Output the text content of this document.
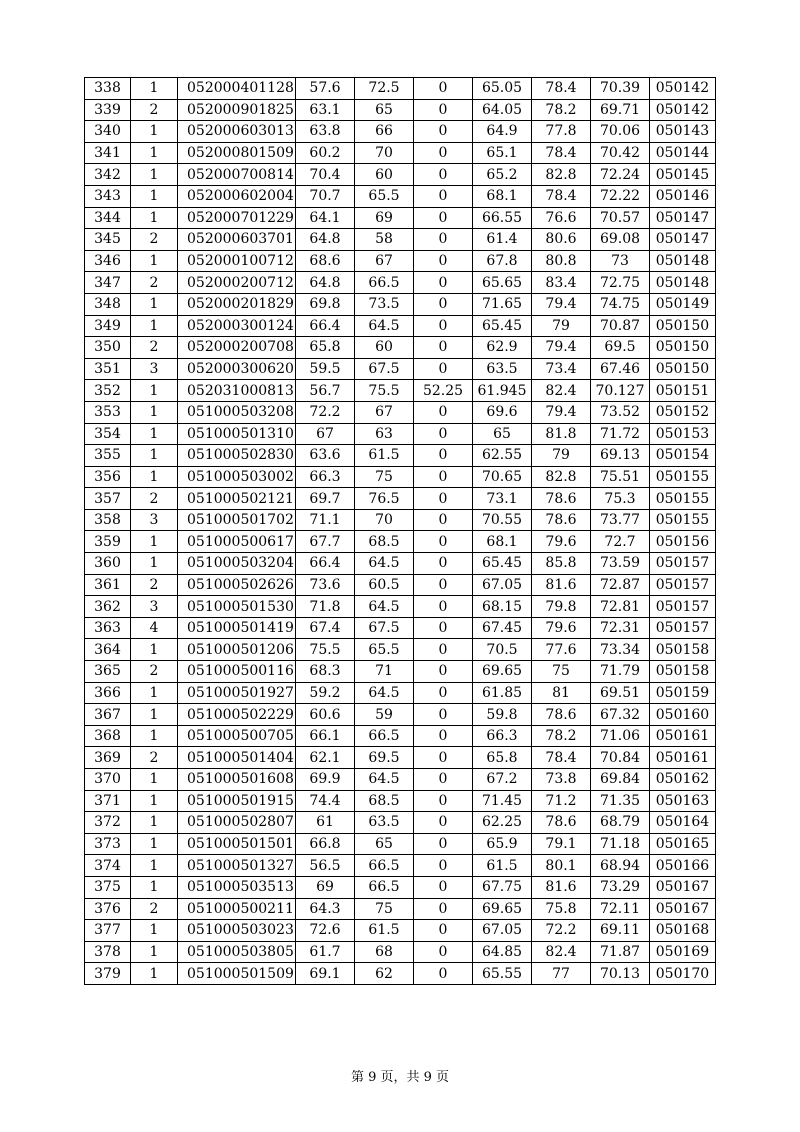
338	1	052000401128	57.6	72.5	0	65.05	78.4	70.39	050142
339	2	052000901825	63.1	65	0	64.05	78.2	69.71	050142
340	1	052000603013	63.8	66	0	64.9	77.8	70.06	050143
341	1	052000801509	60.2	70	0	65.1	78.4	70.42	050144
342	1	052000700814	70.4	60	0	65.2	82.8	72.24	050145
343	1	052000602004	70.7	65.5	0	68.1	78.4	72.22	050146
344	1	052000701229	64.1	69	0	66.55	76.6	70.57	050147
345	2	052000603701	64.8	58	0	61.4	80.6	69.08	050147
346	1	052000100712	68.6	67	0	67.8	80.8	73	050148
347	2	052000200712	64.8	66.5	0	65.65	83.4	72.75	050148
348	1	052000201829	69.8	73.5	0	71.65	79.4	74.75	050149
349	1	052000300124	66.4	64.5	0	65.45	79	70.87	050150
350	2	052000200708	65.8	60	0	62.9	79.4	69.5	050150
351	3	052000300620	59.5	67.5	0	63.5	73.4	67.46	050150
352	1	052031000813	56.7	75.5	52.25	61.945	82.4	70.127	050151
353	1	051000503208	72.2	67	0	69.6	79.4	73.52	050152
354	1	051000501310	67	63	0	65	81.8	71.72	050153
355	1	051000502830	63.6	61.5	0	62.55	79	69.13	050154
356	1	051000503002	66.3	75	0	70.65	82.8	75.51	050155
357	2	051000502121	69.7	76.5	0	73.1	78.6	75.3	050155
358	3	051000501702	71.1	70	0	70.55	78.6	73.77	050155
359	1	051000500617	67.7	68.5	0	68.1	79.6	72.7	050156
360	1	051000503204	66.4	64.5	0	65.45	85.8	73.59	050157
361	2	051000502626	73.6	60.5	0	67.05	81.6	72.87	050157
362	3	051000501530	71.8	64.5	0	68.15	79.8	72.81	050157
363	4	051000501419	67.4	67.5	0	67.45	79.6	72.31	050157
364	1	051000501206	75.5	65.5	0	70.5	77.6	73.34	050158
365	2	051000500116	68.3	71	0	69.65	75	71.79	050158
366	1	051000501927	59.2	64.5	0	61.85	81	69.51	050159
367	1	051000502229	60.6	59	0	59.8	78.6	67.32	050160
368	1	051000500705	66.1	66.5	0	66.3	78.2	71.06	050161
369	2	051000501404	62.1	69.5	0	65.8	78.4	70.84	050161
370	1	051000501608	69.9	64.5	0	67.2	73.8	69.84	050162
371	1	051000501915	74.4	68.5	0	71.45	71.2	71.35	050163
372	1	051000502807	61	63.5	0	62.25	78.6	68.79	050164
373	1	051000501501	66.8	65	0	65.9	79.1	71.18	050165
374	1	051000501327	56.5	66.5	0	61.5	80.1	68.94	050166
375	1	051000503513	69	66.5	0	67.75	81.6	73.29	050167
376	2	051000500211	64.3	75	0	69.65	75.8	72.11	050167
377	1	051000503023	72.6	61.5	0	67.05	72.2	69.11	050168
378	1	051000503805	61.7	68	0	64.85	82.4	71.87	050169
379	1	051000501509	69.1	62	0	65.55	77	70.13	050170
第 9 页，共 9 页
